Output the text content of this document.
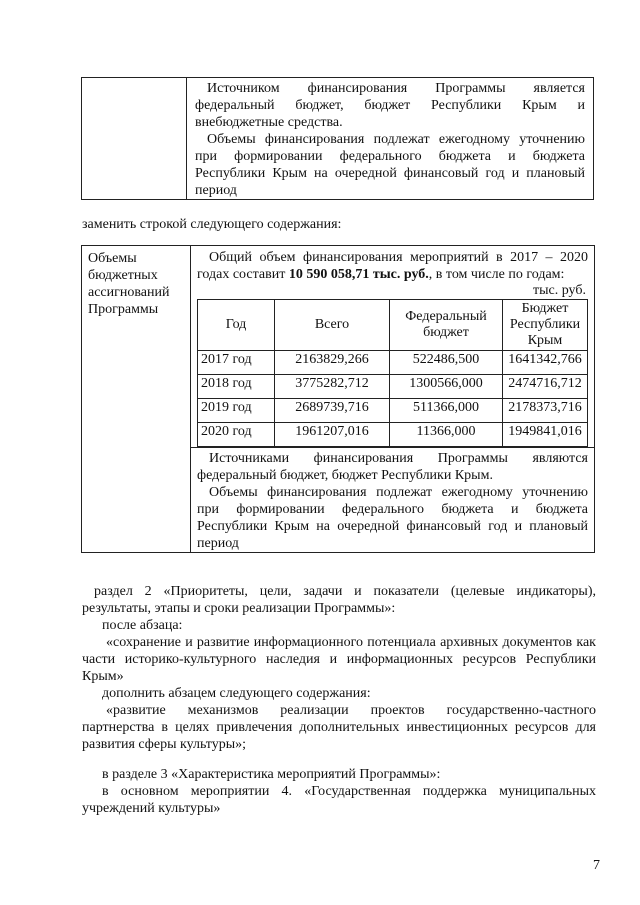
Источником финансирования Программы является федеральный бюджет, бюджет Республики Крым и внебюджетные средства.

Объемы финансирования подлежат ежегодному уточнению при формировании федерального бюджета и бюджета Республики Крым на очередной финансовый год и плановый период

заменить строкой следующего содержания:
Объемы бюджетных ассигнований Программы	

Общий объем финансирования мероприятий в 2017 – 2020 годах составит 10 590 058,71 тыс. руб., в том числе по годам:

тыс. руб.

Год	Всего	Федеральный бюджет	Бюджет Республики Крым
2017 год	2163829,266	522486,500	1641342,766
2018 год	3775282,712	1300566,000	2474716,712
2019 год	2689739,716	511366,000	2178373,716
2020 год	1961207,016	11366,000	1949841,016

Источниками финансирования Программы являются федеральный бюджет, бюджет Республики Крым.

Объемы финансирования подлежат ежегодному уточнению при формировании федерального бюджета и бюджета Республики Крым на очередной финансовый год и плановый период

раздел 2 «Приоритеты, цели, задачи и показатели (целевые индикаторы), результаты, этапы и сроки реализации Программы»:
после абзаца:
«сохранение и развитие информационного потенциала архивных документов как части историко-культурного наследия и информационных ресурсов Республики Крым»
дополнить абзацем следующего содержания:
«развитие механизмов реализации проектов государственно-частного партнерства в целях привлечения дополнительных инвестиционных ресурсов для развития сферы культуры»;
в разделе 3 «Характеристика мероприятий Программы»:
в основном мероприятии 4. «Государственная поддержка муниципальных учреждений культуры»
7
